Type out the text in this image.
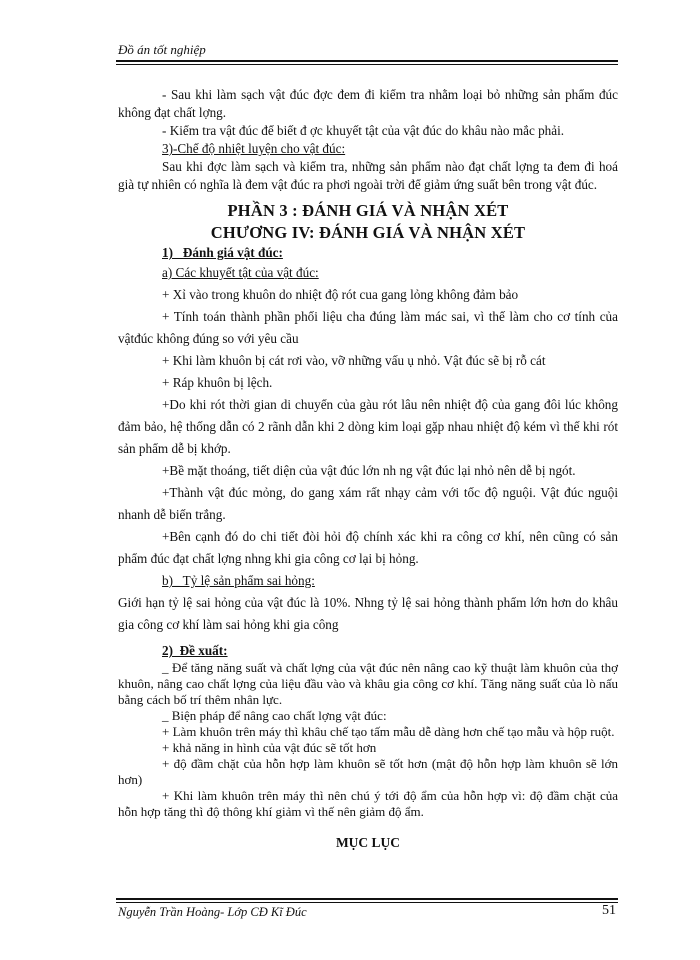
Đồ án tốt nghiệp

- Sau khi làm sạch vật đúc đợc đem đi kiểm tra nhằm loại bỏ những sản phẩm đúc không đạt chất lợng.

- Kiểm tra vật đúc để biết đ ợc khuyết tật của vật đúc do khâu nào mắc phải.

3)-Chế độ nhiệt luyện cho vật đúc:

Sau khi đợc làm sạch và kiểm tra, những sản phẩm nào đạt chất lợng ta đem đi hoá già tự nhiên có nghĩa là đem vật đúc ra phơi ngoài trời để giảm ứng suất bên trong vật đúc.

PHẦN 3 : ĐÁNH GIÁ VÀ NHẬN XÉT

CHƯƠNG IV: ĐÁNH GIÁ VÀ NHẬN XÉT

1)_ Đánh giá vật đúc:

a) Các khuyết tật của vật đúc:

+ Xỉ vào trong khuôn do nhiệt độ rót cua gang lỏng không đảm bảo

+ Tính toán thành phần phối liệu cha đúng làm mác sai, vì thế làm cho cơ tính của vậtđúc không đúng so với yêu cầu

+ Khi làm khuôn bị cát rơi vào, vỡ những vấu ụ nhỏ. Vật đúc sẽ bị rỗ cát

+ Ráp khuôn bị lệch.

+Do khi rót thời gian di chuyển của gàu rót lâu nên nhiệt độ của gang đôi lúc không đảm bảo, hệ thống dẫn có 2 rãnh dẫn khi 2 dòng kim loại gặp nhau nhiệt độ kém vì thế khi rót sản phẩm dễ bị khớp.

+Bề mặt thoáng, tiết diện của vật đúc lớn nh ng vật đúc lại nhỏ nên dễ bị ngót.

+Thành vật đúc mỏng, do gang xám rất nhạy cảm với tốc độ nguội. Vật đúc nguội nhanh dễ biến trắng.

+Bên cạnh đó do chi tiết đòi hỏi độ chính xác khi ra công cơ khí, nên cũng có sản phẩm đúc đạt chất lợng nhng khi gia công cơ lại bị hỏng.

b)_ Tỷ lệ sản phẩm sai hỏng:

Giới hạn tỷ lệ sai hỏng của vật đúc là 10%. Nhng tỷ lệ sai hỏng thành phẩm lớn hơn do khâu gia công cơ khí làm sai hỏng khi gia công

2)_Đề xuất:

_ Để tăng năng suất và chất lợng của vật đúc nên nâng cao kỹ thuật làm khuôn của thợ khuôn, nâng cao chất lợng của liệu đầu vào và khâu gia công cơ khí. Tăng năng suất của lò nấu bằng cách bố trí thêm nhân lực.

_ Biện pháp để nâng cao chất lợng vật đúc:

+ Làm khuôn trên máy thì khâu chế tạo tấm mẫu dễ dàng hơn chế tạo mẫu và hộp ruột.

+ khả năng in hình của vật đúc sẽ tốt hơn

+ độ đầm chặt của hỗn hợp làm khuôn sẽ tốt hơn (mật độ hỗn hợp làm khuôn sẽ lớn hơn)

+ Khi làm khuôn trên máy thì nên chú ý tới độ ẩm của hỗn hợp vì: độ đầm chặt của hỗn hợp tăng thì độ thông khí giảm vì thế nên giảm độ ẩm.

MỤC LỤC

Nguyễn Trần Hoàng- Lớp CĐ Kĩ Đúc	51
